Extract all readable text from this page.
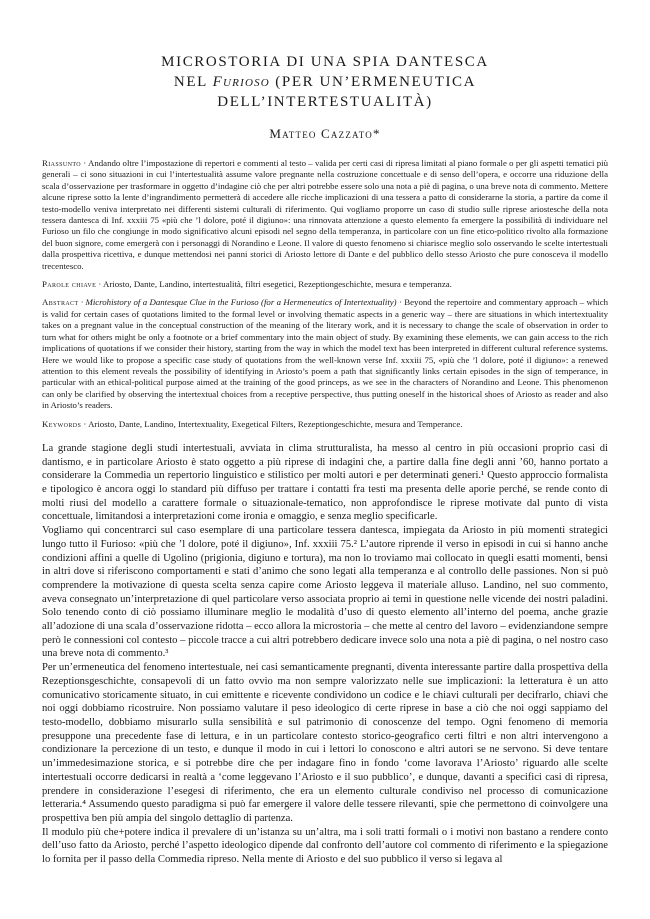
MICROSTORIA DI UNA SPIA DANTESCA
NEL Furioso (PER UN’ERMENEUTICA
DELL’INTERTESTUALITÀ)
Matteo Cazzato*
Riassunto · Andando oltre l’impostazione di repertori e commenti al testo – valida per certi casi di ripresa limitati al piano formale o per gli aspetti tematici più generali – ci sono situazioni in cui l’intertestualità assume valore pregnante nella costruzione concettuale e di senso dell’opera, e occorre una riduzione della scala d’osservazione per trasformare in oggetto d’indagine ciò che per altri potrebbe essere solo una nota a piè di pagina, o una breve nota di commento. Mettere alcune riprese sotto la lente d’ingrandimento permetterà di accedere alle ricche implicazioni di una tessera a patto di considerarne la storia, a partire da come il testo-modello veniva interpretato nei differenti sistemi culturali di riferimento. Qui vogliamo proporre un caso di studio sulle riprese ariostesche della nota tessera dantesca di Inf. xxxiii 75 «più che ’l dolore, poté il digiuno»: una rinnovata attenzione a questo elemento fa emergere la possibilità di individuare nel Furioso un filo che congiunge in modo significativo alcuni episodi nel segno della temperanza, in particolare con un fine etico-politico rivolto alla formazione del buon signore, come emergerà con i personaggi di Norandino e Leone. Il valore di questo fenomeno si chiarisce meglio solo osservando le scelte intertestuali dalla prospettiva ricettiva, e dunque mettendosi nei panni storici di Ariosto lettore di Dante e del pubblico dello stesso Ariosto che pure conosceva il modello trecentesco.
Parole chiave · Ariosto, Dante, Landino, intertestualità, filtri esegetici, Rezeptiongeschichte, mesura e temperanza.
Abstract · Microhistory of a Dantesque Clue in the Furioso (for a Hermeneutics of Intertextuality) · Beyond the repertoire and commentary approach – which is valid for certain cases of quotations limited to the formal level or involving thematic aspects in a generic way – there are situations in which intertextuality takes on a pregnant value in the conceptual construction of the meaning of the literary work, and it is necessary to change the scale of observation in order to turn what for others might be only a footnote or a brief commentary into the main object of study. By examining these elements, we can gain access to the rich implications of quotations if we consider their history, starting from the way in which the model text has been interpreted in different cultural reference systems. Here we would like to propose a specific case study of quotations from the well-known verse Inf. xxxiii 75, «più che ’l dolore, poté il digiuno»: a renewed attention to this element reveals the possibility of identifying in Ariosto’s poem a path that significantly links certain episodes in the sign of temperance, in particular with an ethical-political purpose aimed at the training of the good princeps, as we see in the characters of Norandino and Leone. This phenomenon can only be clarified by observing the intertextual choices from a receptive perspective, thus putting oneself in the historical shoes of Ariosto as reader and also in Ariosto’s readers.
Keywords · Ariosto, Dante, Landino, Intertextuality, Exegetical Filters, Rezeptiongeschichte, mesura and Temperance.

La grande stagione degli studi intertestuali, avviata in clima strutturalista, ha messo al centro in più occasioni proprio casi di dantismo, e in particolare Ariosto è stato oggetto a più riprese di indagini che, a partire dalla fine degli anni ’60, hanno portato a considerare la Commedia un repertorio linguistico e stilistico per molti autori e per determinati generi.¹ Questo approccio formalista e tipologico è ancora oggi lo standard più diffuso per trattare i contatti fra testi ma presenta delle aporie perché, se rende conto di molti riusi del modello a carattere formale o situazionale-tematico, non approfondisce le riprese motivate dal punto di vista concettuale, limitandosi a interpretazioni come ironia e omaggio, e senza meglio specificarle.

Vogliamo qui concentrarci sul caso esemplare di una particolare tessera dantesca, impiegata da Ariosto in più momenti strategici lungo tutto il Furioso: «più che ’l dolore, poté il digiuno», Inf. xxxiii 75.² L’autore riprende il verso in episodi in cui si hanno anche condizioni affini a quelle di Ugolino (prigionia, digiuno e tortura), ma non lo troviamo mai collocato in quegli esatti momenti, bensì in altri dove si riferiscono comportamenti e stati d’animo che sono legati alla temperanza e al controllo delle passiones. Non si può comprendere la motivazione di questa scelta senza capire come Ariosto leggeva il materiale alluso. Landino, nel suo commento, aveva consegnato un’interpretazione di quel particolare verso associata proprio ai temi in questione nelle vicende dei nostri paladini. Solo tenendo conto di ciò possiamo illuminare meglio le modalità d’uso di questo elemento all’interno del poema, anche grazie all’adozione di una scala d’osservazione ridotta – ecco allora la microstoria – che mette al centro del lavoro – evidenziandone sempre però le connessioni col contesto – piccole tracce a cui altri potrebbero dedicare invece solo una nota a piè di pagina, o nel nostro caso una breve nota di commento.³

Per un’ermeneutica del fenomeno intertestuale, nei casi semanticamente pregnanti, diventa interessante partire dalla prospettiva della Rezeptionsgeschichte, consapevoli di un fatto ovvio ma non sempre valorizzato nelle sue implicazioni: la letteratura è un atto comunicativo storicamente situato, in cui emittente e ricevente condividono un codice e le chiavi culturali per decifrarlo, chiavi che noi oggi dobbiamo ricostruire. Non possiamo valutare il peso ideologico di certe riprese in base a ciò che noi oggi sappiamo del testo-modello, dobbiamo misurarlo sulla sensibilità e sul patrimonio di conoscenze del tempo. Ogni fenomeno di memoria presuppone una precedente fase di lettura, e in un particolare contesto storico-geografico certi filtri e non altri intervengono a condizionare la percezione di un testo, e dunque il modo in cui i lettori lo conoscono e altri autori se ne servono. Si deve tentare un’immedesimazione storica, e si potrebbe dire che per indagare fino in fondo ‘come lavorava l’Ariosto’ riguardo alle scelte intertestuali occorre dedicarsi in realtà a ‘come leggevano l’Ariosto e il suo pubblico’, e dunque, davanti a specifici casi di ripresa, prendere in considerazione l’esegesi di riferimento, che era un elemento culturale condiviso nel processo di comunicazione letteraria.⁴ Assumendo questo paradigma si può far emergere il valore delle tessere rilevanti, spie che permettono di coinvolgere una prospettiva ben più ampia del singolo dettaglio di partenza.

Il modulo più che+potere indica il prevalere di un’istanza su un’altra, ma i soli tratti formali o i motivi non bastano a rendere conto dell’uso fatto da Ariosto, perché l’aspetto ideologico dipende dal confronto dell’autore col commento di riferimento e la spiegazione lo fornita per il passo della Commedia ripreso. Nella mente di Ariosto e del suo pubblico il verso si legava al
